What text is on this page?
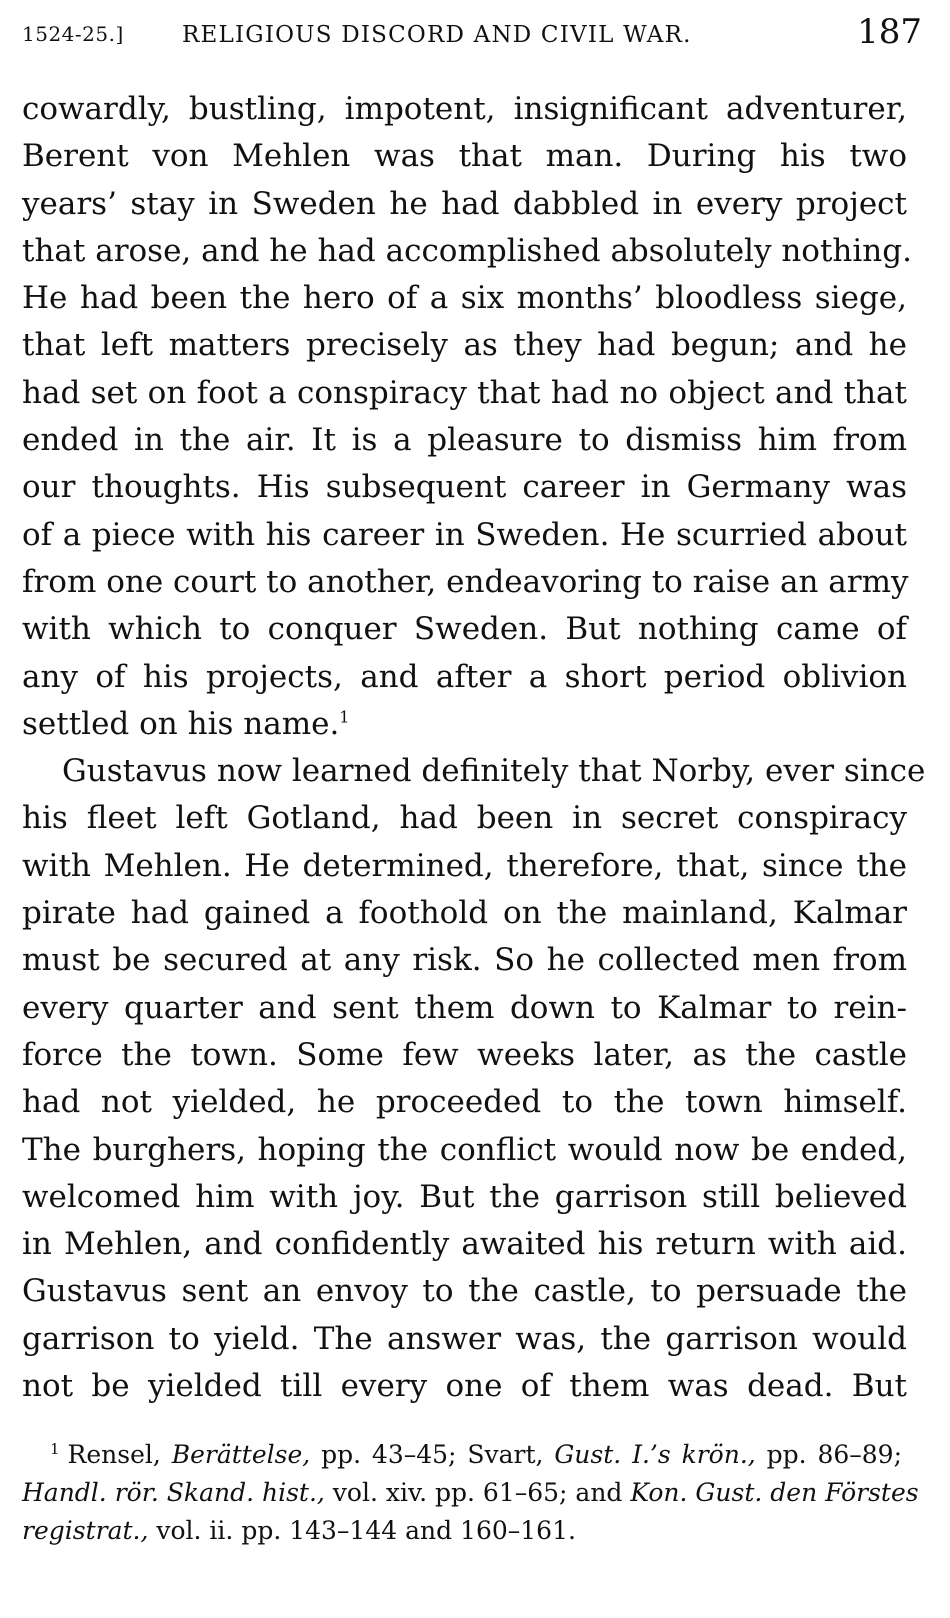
1524-25.]	RELIGIOUS DISCORD AND CIVIL WAR.	187
cowardly, bustling, impotent, insignificant adventurer,
Berent von Mehlen was that man. During his two
years’ stay in Sweden he had dabbled in every project
that arose, and he had accomplished absolutely nothing.
He had been the hero of a six months’ bloodless siege,
that left matters precisely as they had begun; and he
had set on foot a conspiracy that had no object and that
ended in the air. It is a pleasure to dismiss him from
our thoughts. His subsequent career in Germany was
of a piece with his career in Sweden. He scurried about
from one court to another, endeavoring to raise an army
with which to conquer Sweden. But nothing came of
any of his projects, and after a short period oblivion
settled on his name.$^1$
Gustavus now learned definitely that Norby, ever since
his fleet left Gotland, had been in secret conspiracy
with Mehlen. He determined, therefore, that, since the
pirate had gained a foothold on the mainland, Kalmar
must be secured at any risk. So he collected men from
every quarter and sent them down to Kalmar to rein-
force the town. Some few weeks later, as the castle
had not yielded, he proceeded to the town himself.
The burghers, hoping the conflict would now be ended,
welcomed him with joy. But the garrison still believed
in Mehlen, and confidently awaited his return with aid.
Gustavus sent an envoy to the castle, to persuade the
garrison to yield. The answer was, the garrison would
not be yielded till every one of them was dead. But
$^1$ Rensel, Berättelse, pp. 43–45; Svart, Gust. I.’s krön., pp. 86–89;
Handl. rör. Skand. hist., vol. xiv. pp. 61–65; and Kon. Gust. den Förstes
registrat., vol. ii. pp. 143–144 and 160–161.
